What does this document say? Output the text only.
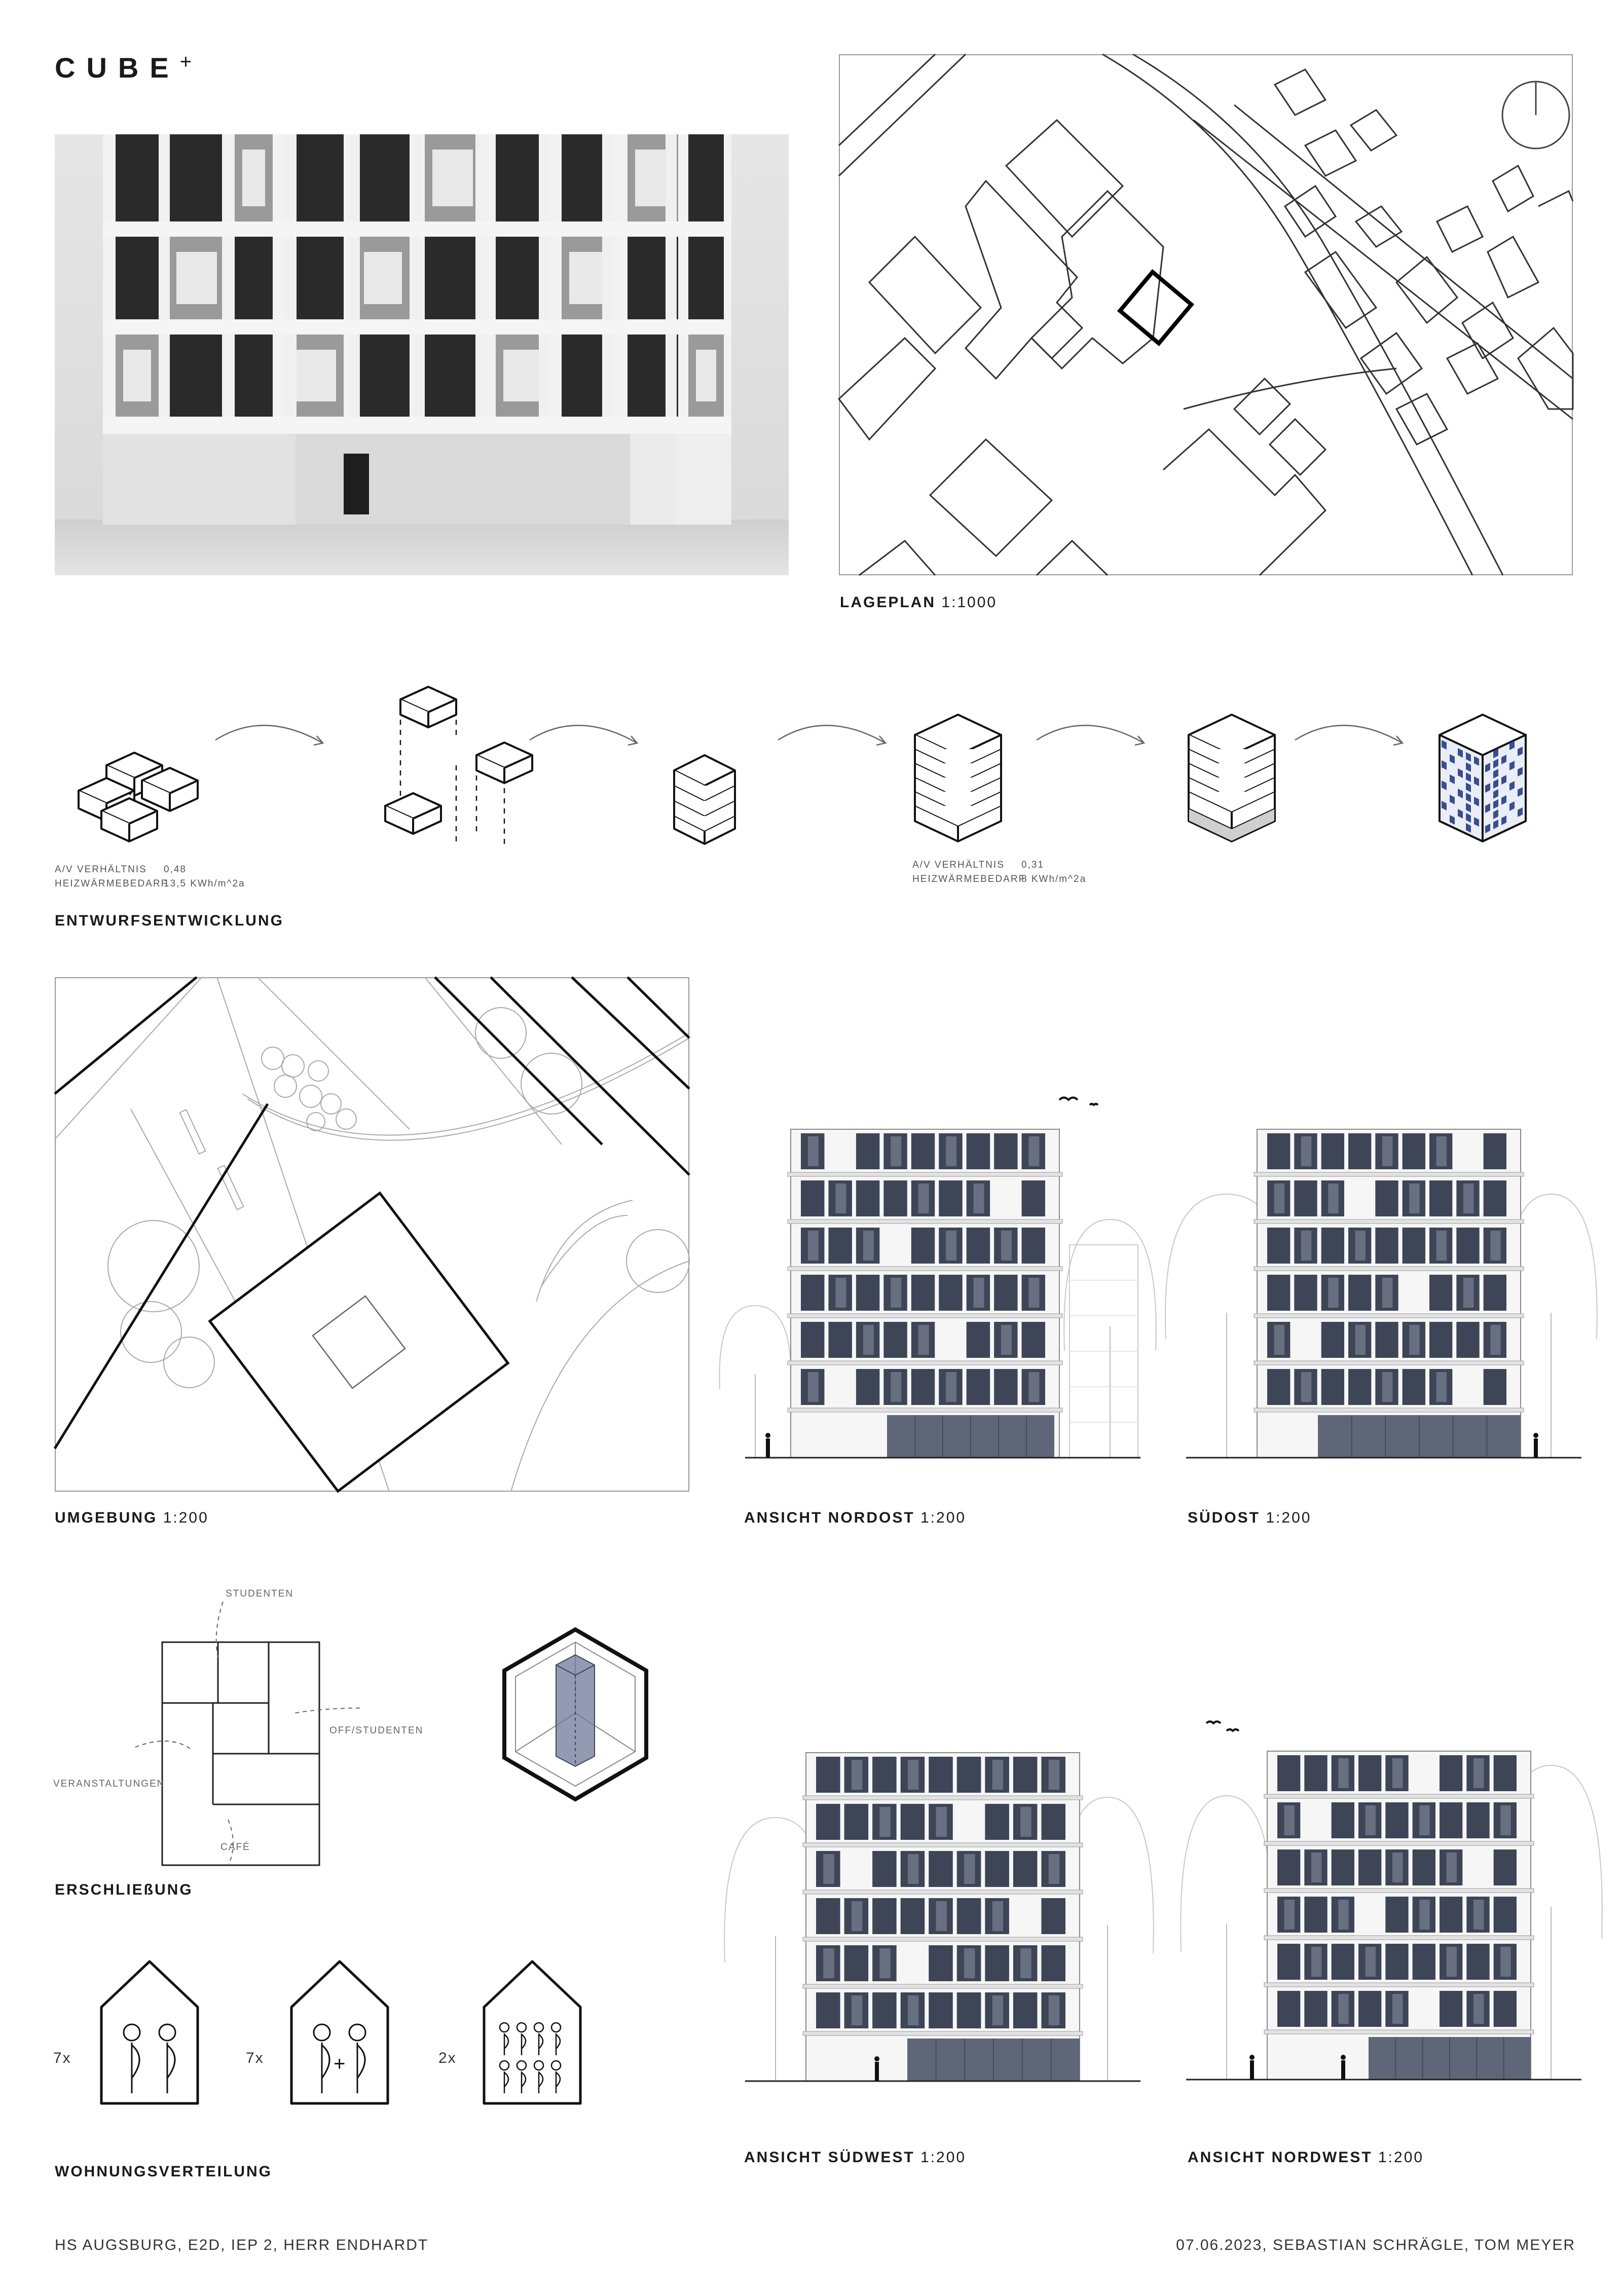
CUBE+
LAGEPLAN 1:1000
A/V VERHÄLTNIS 0,48
HEIZWÄRMEBEDARF
13,5 KWh/m^2a
A/V VERHÄLTNIS 0,31
HEIZWÄRMEBEDARF
8 KWh/m^2a
ENTWURFSENTWICKLUNG
UMGEBUNG 1:200	ANSICHT NORDOST 1:200	SÜDOST 1:200
STUDENTEN
OFF/STUDENTEN
VERANSTALTUNGEN
CAFÉ
ERSCHLIEßUNG
ANSICHT SÜDWEST 1:200	ANSICHT NORDWEST 1:200
7x	7x	2x
+
WOHNUNGSVERTEILUNG
HS AUGSBURG, E2D, IEP 2, HERR ENDHARDT	07.06.2023, SEBASTIAN SCHRÄGLE, TOM MEYER
